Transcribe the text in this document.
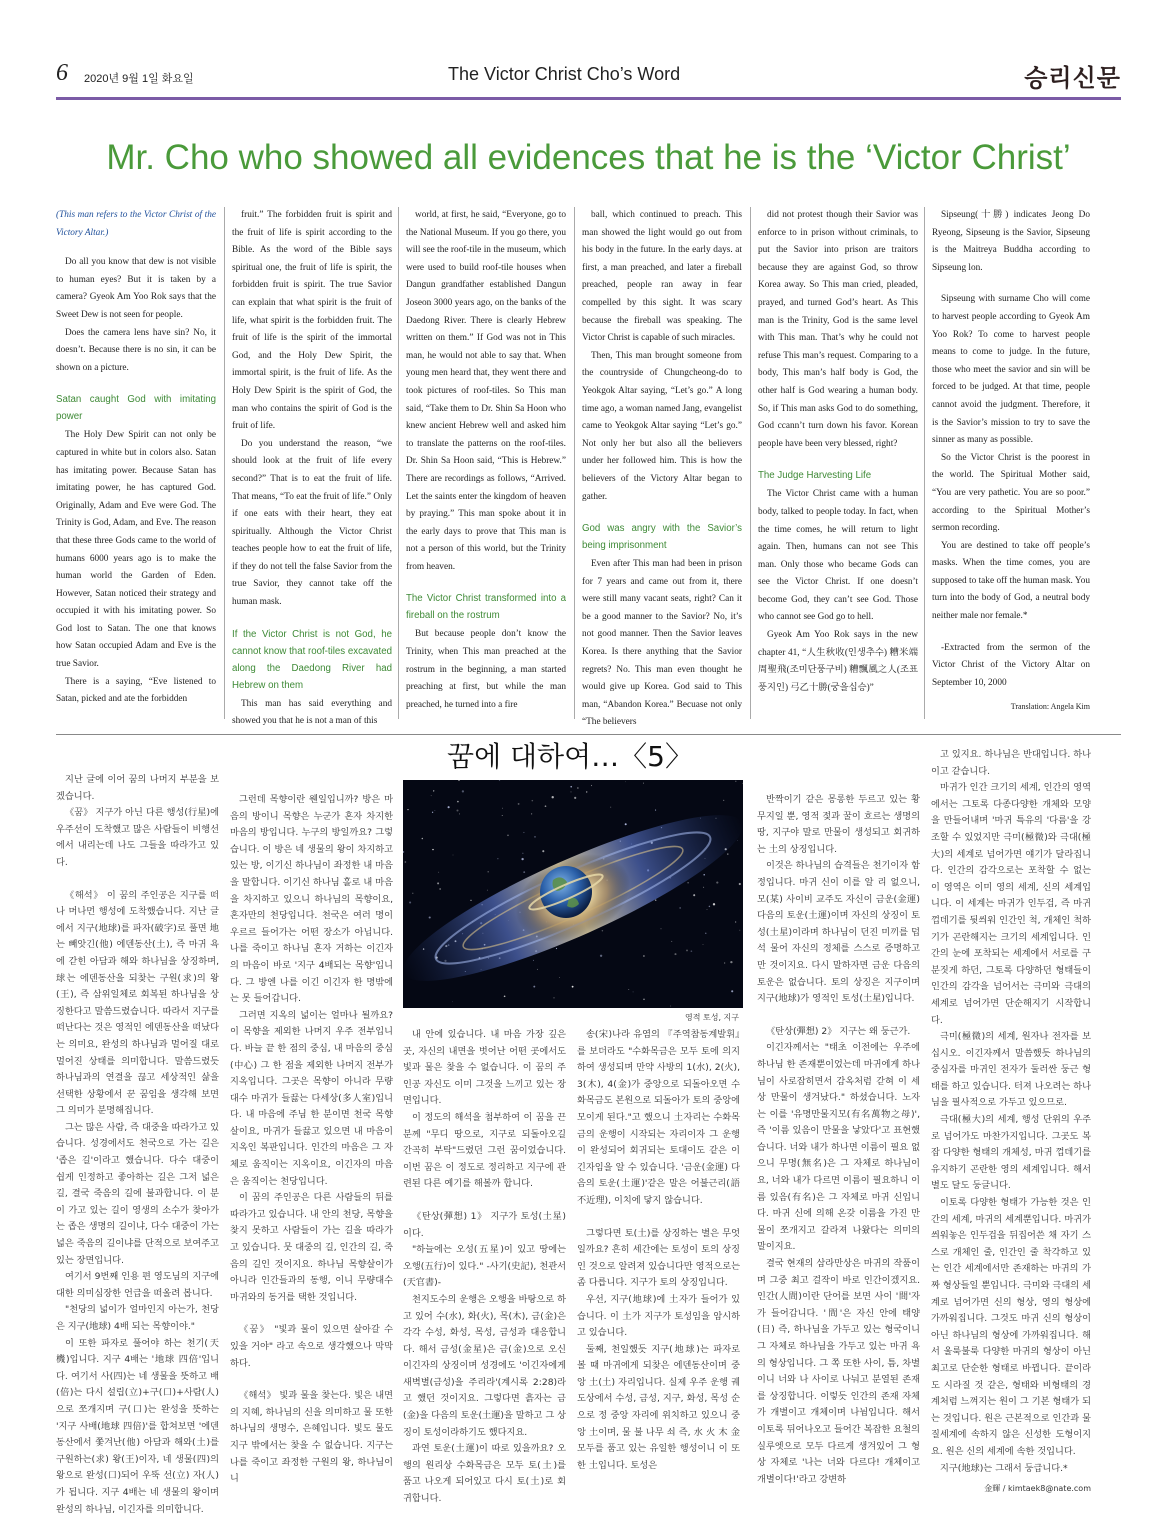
6 2020년 9월 1일 화요일	The Victor Christ Cho’s Word	승리신문
Mr. Cho who showed all evidences that he is the ‘Victor Christ’

(This man refers to the Victor Christ of the Victory Altar.)

Do all you know that dew is not visible to human eyes? But it is taken by a camera? Gyeok Am Yoo Rok says that the Sweet Dew is not seen for people.

Does the camera lens have sin? No, it doesn’t. Because there is no sin, it can be shown on a picture.

Satan caught God with imitating power

The Holy Dew Spirit can not only be captured in white but in colors also. Satan has imitating power. Because Satan has imitating power, he has captured God. Originally, Adam and Eve were God. The Trinity is God, Adam, and Eve. The reason that these three Gods came to the world of humans 6000 years ago is to make the human world the Garden of Eden. However, Satan noticed their strategy and occupied it with his imitating power. So God lost to Satan. The one that knows how Satan occupied Adam and Eve is the true Savior.

There is a saying, “Eve listened to Satan, picked and ate the forbidden

fruit.” The forbidden fruit is spirit and the fruit of life is spirit according to the Bible. As the word of the Bible says spiritual one, the fruit of life is spirit, the forbidden fruit is spirit. The true Savior can explain that what spirit is the fruit of life, what spirit is the forbidden fruit. The fruit of life is the spirit of the immortal God, and the Holy Dew Spirit, the immortal spirit, is the fruit of life. As the Holy Dew Spirit is the spirit of God, the man who contains the spirit of God is the fruit of life.

Do you understand the reason, “we should look at the fruit of life every second?” That is to eat the fruit of life. That means, “To eat the fruit of life.” Only if one eats with their heart, they eat spiritually. Although the Victor Christ teaches people how to eat the fruit of life, if they do not tell the false Savior from the true Savior, they cannot take off the human mask.

If the Victor Christ is not God, he cannot know that roof-tiles excavated along the Daedong River had Hebrew on them

This man has said everything and showed you that he is not a man of this

world, at first, he said, “Everyone, go to the National Museum. If you go there, you will see the roof-tile in the museum, which were used to build roof-tile houses when Dangun grandfather established Dangun Joseon 3000 years ago, on the banks of the Daedong River. There is clearly Hebrew written on them.” If God was not in This man, he would not able to say that. When young men heard that, they went there and took pictures of roof-tiles. So This man said, “Take them to Dr. Shin Sa Hoon who knew ancient Hebrew well and asked him to translate the patterns on the roof-tiles. Dr. Shin Sa Hoon said, “This is Hebrew.” There are recordings as follows, “Arrived. Let the saints enter the kingdom of heaven by praying.” This man spoke about it in the early days to prove that This man is not a person of this world, but the Trinity from heaven.

The Victor Christ transformed into a fireball on the rostrum

But because people don’t know the Trinity, when This man preached at the rostrum in the beginning, a man started preaching at first, but while the man preached, he turned into a fire

ball, which continued to preach. This man showed the light would go out from his body in the future. In the early days. at first, a man preached, and later a fireball preached, people ran away in fear compelled by this sight. It was scary because the fireball was speaking. The Victor Christ is capable of such miracles.

Then, This man brought someone from the countryside of Chungcheong-do to Yeokgok Altar saying, “Let’s go.” A long time ago, a woman named Jang, evangelist came to Yeokgok Altar saying “Let’s go.” Not only her but also all the believers under her followed him. This is how the believers of the Victory Altar began to gather.

God was angry with the Savior’s being imprisonment

Even after This man had been in prison for 7 years and came out from it, there were still many vacant seats, right? Can it be a good manner to the Savior? No, it’s not good manner. Then the Savior leaves Korea. Is there anything that the Savior regrets? No. This man even thought he would give up Korea. God said to This man, “Abandon Korea.” Becuase not only “The believers

did not protest though their Savior was enforce to in prison without criminals, to put the Savior into prison are traitors because they are against God, so throw Korea away. So This man cried, pleaded, prayed, and turned God’s heart. As This man is the Trinity, God is the same level with This man. That’s why he could not refuse This man’s request. Comparing to a body, This man’s half body is God, the other half is God wearing a human body. So, if This man asks God to do something, God ccann’t turn down his favor. Korean people have been very blessed, right?

The Judge Harvesting Life

The Victor Christ came with a human body, talked to people today. In fact, when the time comes, he will return to light again. Then, humans can not see This man. Only those who became Gods can see the Victor Christ. If one doesn’t become God, they can’t see God. Those who cannot see God go to hell.

Gyeok Am Yoo Rok says in the new chapter 41, “人生秋收(인생추수) 糟米端周聖飛(조미단풍구비) 糟飄風之人(조표풍지인) 弓乙十勝(궁을십승)”

Sipseung(十勝) indicates Jeong Do Ryeong, Sipseung is the Savior, Sipseung is the Maitreya Buddha according to Sipseung lon.

Sipseung with surname Cho will come to harvest people according to Gyeok Am Yoo Rok? To come to harvest people means to come to judge. In the future, those who meet the savior and sin will be forced to be judged. At that time, people cannot avoid the judgment. Therefore, it is the Savior’s mission to try to save the sinner as many as possible.

So the Victor Christ is the poorest in the world. The Spiritual Mother said, “You are very pathetic. You are so poor.” according to the Spiritual Mother’s sermon recording.

You are destined to take off people’s masks. When the time comes, you are supposed to take off the human mask. You turn into the body of God, a neutral body neither male nor female.*

-Extracted from the sermon of the Victor Christ of the Victory Altar on September 10, 2000

Translation: Angela Kim

꿈에 대하여…〈5〉
영적 토성, 지구

지난 글에 이어 꿈의 나머지 부분을 보겠습니다.

《꿈》 지구가 아닌 다른 행성(行星)에 우주선이 도착했고 많은 사람들이 비행선에서 내리는데 나도 그들을 따라가고 있다.

《해석》 이 꿈의 주인공은 지구를 떠나 머나먼 행성에 도착했습니다. 지난 글에서 지구(地球)를 파자(破字)로 풀면 地는 빼앗긴(他) 에덴동산(土), 즉 마귀 욕에 갇힌 아담과 해와 하나님을 상징하며, 球는 에덴동산을 되찾는 구원(求)의 왕(王), 즉 삼위일체로 회복된 하나님을 상징한다고 말씀드렸습니다. 따라서 지구를 떠난다는 것은 영적인 에덴동산을 떠났다는 의미요, 완성의 하나님과 멀어질 대로 멀어진 상태를 의미합니다. 말씀드렸듯 하나님과의 연결을 끊고 세상적인 삶을 선택한 상황에서 꾼 꿈임을 생각해 보면 그 의미가 분명해집니다.

그는 많은 사람, 즉 대중을 따라가고 있습니다. 성경에서도 천국으로 가는 길은 '좁은 길'이라고 했습니다. 다수 대중이 쉽게 인정하고 좋아하는 길은 그저 넓은 길, 결국 죽음의 길에 불과합니다. 이 분이 가고 있는 길이 영생의 소수가 찾아가는 좁은 생명의 길이냐, 다수 대중이 가는 넓은 죽음의 길이냐를 단적으로 보여주고 있는 장면입니다.

여기서 9번째 인용 편 영도님의 지구에 대한 의미심장한 언급을 떠올려 봅니다.

"천당의 넓이가 얼마인지 아는가, 천당은 지구(地球) 4배 되는 목향이야."

이 또한 파자로 풀어야 하는 천기(天機)입니다. 지구 4배는 '地球 四倍'입니다. 여기서 사(四)는 네 생물을 뜻하고 배(倍)는 다시 설립(立)+구(口)+사람(人)으로 쪼개지며 구(口)는 완성을 뜻하는 '지구 사배(地球 四倍)'를 합쳐보면 '에덴동산에서 쫓겨난(他) 아담과 해와(土)를 구원하는(求) 왕(王)이자, 네 생물(四)의 왕으로 완성(口)되어 우뚝 선(立) 자(人)가 됩니다. 지구 4배는 네 생물의 왕이며 완성의 하나님, 이긴자를 의미합니다.

그런데 목향이란 웬일입니까? 방은 마음의 방이니 목향은 누군가 혼자 차지한 마음의 방입니다. 누구의 방일까요? 그렇습니다. 이 방은 네 생물의 왕이 차지하고 있는 방, 이기신 하나님이 좌정한 내 마음을 말합니다. 이기신 하나님 홀로 내 마음을 차지하고 있으니 하나님의 목향이요, 혼자만의 천당입니다. 천국은 여러 명이 우르르 들어가는 어떤 장소가 아닙니다. 나를 죽이고 하나님 혼자 거하는 이긴자의 마음이 바로 '지구 4배되는 목향'입니다. 그 방엔 나를 이긴 이긴자 한 명밖에는 못 들어갑니다.

그러면 지옥의 넓이는 얼마나 될까요? 이 목향을 제외한 나머지 우주 전부입니다. 바늘 끝 한 점의 중심, 내 마음의 중심(中心) 그 한 점을 제외한 나머지 전부가 지옥입니다. 그곳은 목향이 아니라 무량대수 마귀가 들끓는 다세상(多人室)입니다. 내 마음에 주님 한 분이면 천국 목향 살이요, 마귀가 들끓고 있으면 내 마음이 지옥인 복판입니다. 인간의 마음은 그 자체로 움직이는 지옥이요, 이긴자의 마음은 움직이는 천당입니다.

이 꿈의 주인공은 다른 사람들의 뒤를 따라가고 있습니다. 내 안의 천당, 목향을 찾지 못하고 사람들이 가는 길을 따라가고 있습니다. 뭇 대중의 길, 인간의 길, 죽음의 길인 것이지요. 하나님 목향살이가 아니라 인간들과의 동행, 이니 무량대수 마귀와의 동거를 택한 것입니다.

《꿈》 "빛과 물이 있으면 살아갈 수 있을 거야" 라고 속으로 생각했으나 막막하다.

《해석》 빛과 물을 찾는다. 빛은 내면의 지혜, 하나님의 신을 의미하고 물 또한 하나님의 생명수, 은혜입니다. 빛도 물도 지구 밖에서는 찾을 수 없습니다. 지구는 나를 죽이고 좌정한 구원의 왕, 하나님이니

내 안에 있습니다. 내 마음 가장 깊은 곳, 자신의 내면을 벗어난 어떤 곳에서도 빛과 물은 찾을 수 없습니다. 이 꿈의 주인공 자신도 이미 그것을 느끼고 있는 장면입니다.

이 정도의 해석을 첨부하여 이 꿈을 끈 분께 "무디 땅으로, 지구로 되돌아오길 간곡히 부탁"드렸던 그런 꿈이었습니다. 이번 꿈은 이 정도로 정리하고 지구에 관련된 다른 예기를 해볼까 합니다.

《탄상(彈想) 1》 지구가 토성(土星)이다.

"하늘에는 오성(五星)이 있고 땅에는 오행(五行)이 있다." -사기(史記), 천관서(天官書)-

천지도수의 운행은 오행을 바탕으로 하고 있어 수(水), 화(火), 목(木), 금(金)은 각각 수성, 화성, 목성, 금성과 대응합니다. 해서 금성(金星)은 금(金)으로 오신 이긴자의 상징이며 성경에도 '이긴자에게 새벽별(금성)을 주리라'(계시록 2:28)라고 했던 것이지요. 그렇다면 흙자는 금(金)을 다음의 토운(土運)을 말하고 그 상징이 토성이라하기도 했다지요.

과연 토운(土運)이 따로 있을까요? 오행의 원리상 수화목금은 모두 토(土)를 품고 나오게 되어있고 다시 토(土)로 회귀합니다.

송(宋)나라 유염의 『주역참동계발휘』를 보더라도 "수화목금은 모두 토에 의지하여 생성되며 만약 사방의 1(水), 2(火), 3(木), 4(金)가 중앙으로 되돌아오면 수화목금도 본원으로 되돌아가 토의 중앙에 모이게 된다."고 했으니 土자리는 수화목금의 운행이 시작되는 자리이자 그 운행이 완성되어 회귀되는 토대이도 같은 이긴자임을 알 수 있습니다. '금운(金運) 다음의 토운(土運)'같은 말은 어불근리(語不近理), 이치에 닿지 않습니다.

그렇다면 토(土)를 상징하는 별은 무엇일까요? 흔히 세간에는 토성이 토의 상징인 것으로 알려져 있습니다만 영적으로는 좀 다릅니다. 지구가 토의 상징입니다.

우선, 지구(地球)에 土자가 들어가 있습니다. 이 土가 지구가 토성임을 암시하고 있습니다.

둘째, 천일했듯 지구(地球)는 파자로 볼 때 마귀에게 되찾은 에덴동산이며 중앙 土(土) 자리입니다. 실제 우주 운행 궤도상에서 수성, 금성, 지구, 화성, 목성 순으로 정 중앙 자리에 위치하고 있으니 중앙 土이며, 물 불 나무 쇠 즉, 水 火 木 金 모두를 품고 있는 유일한 행성이니 이 또한 土입니다. 토성은

반짝이기 같은 몽롱한 두르고 있는 황무지일 뿐, 영적 젖과 꿀이 흐르는 생명의 땅, 지구야 말로 만물이 생성되고 회귀하는 土의 상징입니다.

이것은 하나님의 습격들은 천기이자 함정입니다. 마귀 신이 이를 알 리 없으니, 모(某) 사이비 교주도 자신이 금운(金運) 다음의 토운(土運)이며 자신의 상징이 토성(土星)이라며 하나님이 던진 미끼를 덥석 물어 자신의 정체를 스스로 증명하고 만 것이지요. 다시 말하자면 금운 다음의 토운은 없습니다. 토의 상징은 지구이며 지구(地球)가 영적인 토성(土星)입니다.

《탄상(彈想) 2》 지구는 왜 둥근가.

이긴자께서는 "태초 이전에는 우주에 하나님 한 존재뿐이었는데 마귀에게 하나님이 사로잡히면서 감옥처럼 갇혀 이 세상 만물이 생겨났다." 하셨습니다. 노자는 이를 '유명만물지모(有名萬物之母)', 즉 '이름 있음이 만물을 낳았다'고 표현했습니다. 너와 내가 하나면 이름이 필요 없으니 무명(無名)은 그 자체로 하나님이요, 너와 내가 다르면 이름이 필요하니 이름 있음(有名)은 그 자체로 마귀 신입니다. 마귀 신에 의해 온갖 이름을 가진 만물이 쪼개지고 갈라져 나왔다는 의미의 말이지요.

결국 현재의 삼라만상은 마귀의 작품이며 그중 최고 걸작이 바로 인간이겠지요. 인간(人間)이란 단어를 보면 사이 '間'자가 들어갑니다. '間'은 자신 안에 태양(日) 즉, 하나님을 가두고 있는 형국이니 그 자체로 하나님을 가두고 있는 마귀 욕의 형상입니다. 그 쪽 또한 사이, 틈, 차별이니 너와 나 사이로 나눠고 분열된 존재를 상징합니다. 이렇듯 인간의 존재 자체가 개별이고 개체이며 나뉨입니다. 해서 이토록 뒤어나오고 들어간 복잡한 요철의 실루엣으로 모두 다르게 생겨있어 그 형상 자체로 '나는 너와 다르다! 개체이고 개별이다!'라고 강변하

고 있지요. 하나님은 반대입니다. 하나이고 같습니다.

마귀가 인간 크기의 세계, 인간의 영역에서는 그토록 다종다양한 개체와 모양을 만들어내며 '마귀 특유의 '다름'을 강조할 수 있었지만 극미(極微)와 극대(極大)의 세계로 넘어가면 얘기가 달라집니다. 인간의 감각으로는 포착할 수 없는 이 영역은 이미 영의 세계, 신의 세계입니다. 이 세계는 마귀가 인두겁, 즉 마귀 껍데기를 뒷씌워 인간인 척, 개체인 척하기가 곤란해지는 크기의 세계입니다. 인간의 눈에 포착되는 세계에서 서로를 구분짓게 하던, 그토록 다양하던 형태들이 인간의 감각을 넘어서는 극미와 극대의 세계로 넘어가면 단순해지기 시작합니다.

극미(極微)의 세계, 원자나 전자를 보십시오. 이긴자께서 말씀했듯 하나님의 중심자를 마귀인 전자가 둘러싼 둥근 형태를 하고 있습니다. 터져 나오려는 하나님을 필사적으로 가두고 있으므로.

극대(極大)의 세계, 행성 단위의 우주로 넘어가도 마찬가지입니다. 그곳도 복잡 다양한 형태의 개체성, 마귀 껍데기를 유지하기 곤란한 영의 세계입니다. 해서 별도 달도 둥글니다.

이토록 다양한 형태가 가능한 것은 인간의 세계, 마귀의 세계뿐입니다. 마귀가 씌워놓은 인두겁을 뒤집어쓴 채 자기 스스로 개체인 줄, 인간인 줄 착각하고 있는 인간 세계에서만 존재하는 마귀의 가짜 형상들일 뿐입니다. 극미와 극대의 세계로 넘어가면 신의 형상, 영의 형상에 가까워집니다. 그것도 마귀 신의 형상이 아닌 하나님의 형상에 가까워집니다. 해서 울룩불룩 다양한 마귀의 형상이 아닌 최고로 단순한 형태로 바뀝니다. 끝이라도 시라질 것 같은, 형태와 비형태의 경계처럼 느껴지는 원이 그 기본 형태가 되는 것입니다. 원은 근본적으로 인간과 물질세계에 속하지 않은 신성한 도형이지요. 원은 신의 세계에 속한 것입니다.

지구(地球)는 그래서 둥급니다.*

金輝 / kimtaek8@nate.com
